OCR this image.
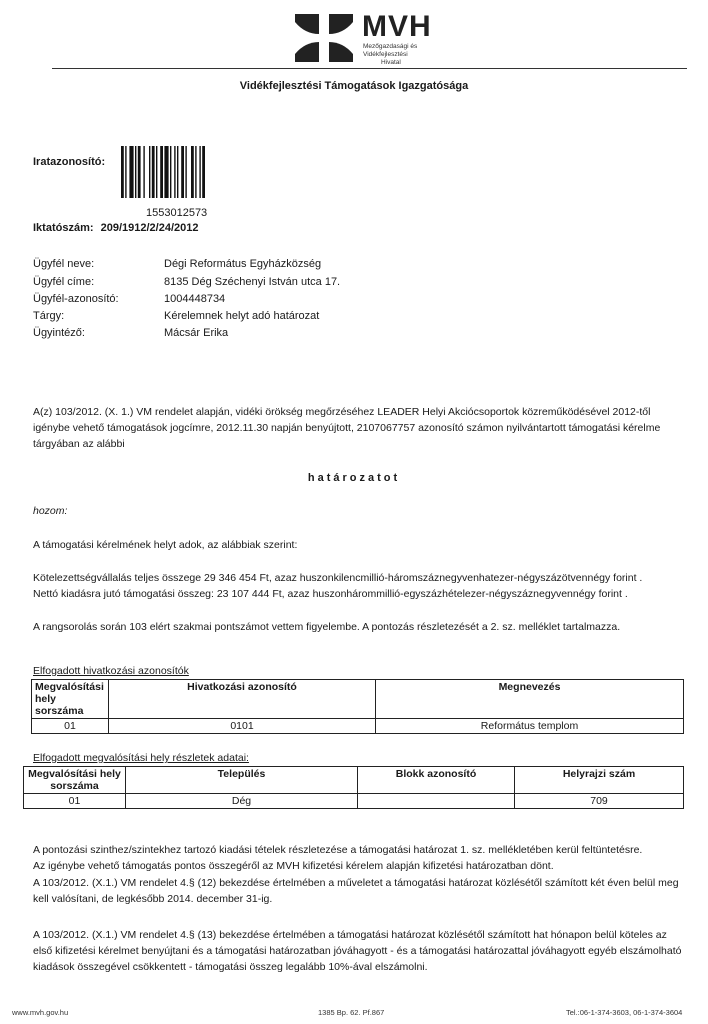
MVH
Mezőgazdasági és
Vidékfejlesztési
Hivatal
Vidékfejlesztési Támogatások Igazgatósága
Iratazonosító:
1553012573
Iktatószám: 209/1912/2/24/2012
Ügyfél neve:	Dégi Református Egyházközség
Ügyfél címe:	8135 Dég Széchenyi István utca 17.
Ügyfél-azonosító:	1004448734
Tárgy:	Kérelemnek helyt adó határozat
Ügyintéző:	Mácsár Erika
A(z) 103/2012. (X. 1.) VM rendelet alapján, vidéki örökség megőrzéséhez LEADER Helyi Akciócsoportok közreműködésével 2012-től igénybe vehető támogatások jogcímre, 2012.11.30 napján benyújtott, 2107067757 azonosító számon nyilvántartott támogatási kérelme tárgyában az alábbi
határozatot
hozom:
A támogatási kérelmének helyt adok, az alábbiak szerint:
Kötelezettségvállalás teljes összege 29 346 454 Ft, azaz huszonkilencmillió-háromszáznegyvenhatezer-négyszázötvennégy forint .
Nettó kiadásra jutó támogatási összeg: 23 107 444 Ft, azaz huszonhárommillió-egyszázhételezer-négyszáznegyvennégy forint .
A rangsorolás során 103 elért szakmai pontszámot vettem figyelembe. A pontozás részletezését a 2. sz. melléklet tartalmazza.
Elfogadott hivatkozási azonosítók
Megvalósítási hely sorszáma	Hivatkozási azonosító	Megnevezés
01	0101	Református templom
Elfogadott megvalósítási hely részletek adatai:
Megvalósítási hely sorszáma	Település	Blokk azonosító	Helyrajzi szám
01	Dég		709
A pontozási szinthez/szintekhez tartozó kiadási tételek részletezése a támogatási határozat 1. sz. mellékletében kerül feltüntetésre.
Az igénybe vehető támogatás pontos összegéről az MVH kifizetési kérelem alapján kifizetési határozatban dönt.
A 103/2012. (X.1.) VM rendelet 4.§ (12) bekezdése értelmében a műveletet a támogatási határozat közlésétől számított két éven belül meg kell valósítani, de legkésőbb 2014. december 31-ig.
A 103/2012. (X.1.) VM rendelet 4.§ (13) bekezdése értelmében a támogatási határozat közlésétől számított hat hónapon belül köteles az első kifizetési kérelmet benyújtani és a támogatási határozatban jóváhagyott - és a támogatási határozattal jóváhagyott egyéb elszámolható kiadások összegével csökkentett - támogatási összeg legalább 10%-ával elszámolni.
www.mvh.gov.hu	1385 Bp. 62. Pf.867	Tel.:06-1-374-3603, 06-1-374-3604
